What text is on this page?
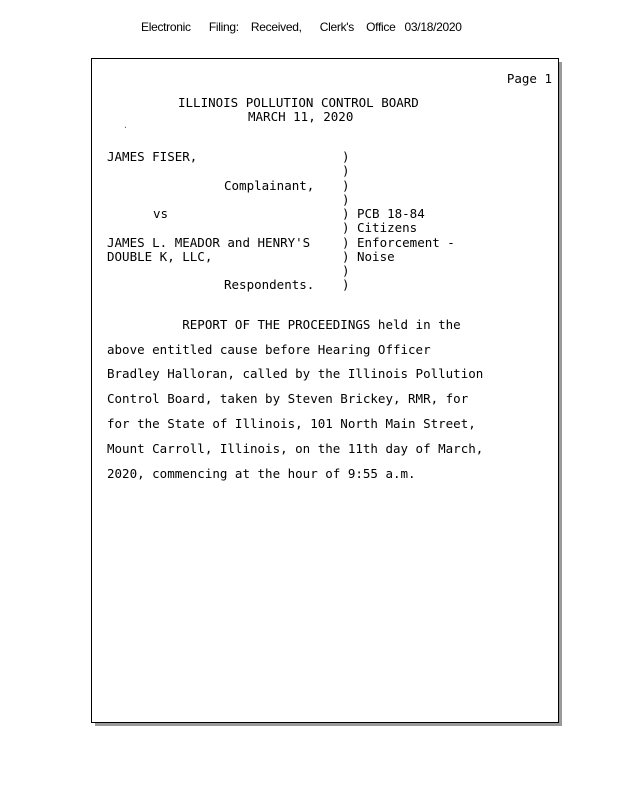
Electronic      Filing:    Received,      Clerk's    Office   03/18/2020
Page 1
ILLINOIS POLLUTION CONTROL BOARD
MARCH 11, 2020
.
JAMES FISER,
Complainant,
vs
JAMES L. MEADOR and HENRY'S
DOUBLE K, LLC,
Respondents.
)
)
)
)
)
)
)
)
)
)
PCB 18-84
Citizens
Enforcement -
Noise
REPORT OF THE PROCEEDINGS held in the
above entitled cause before Hearing Officer
Bradley Halloran, called by the Illinois Pollution
Control Board, taken by Steven Brickey, RMR, for
for the State of Illinois, 101 North Main Street,
Mount Carroll, Illinois, on the 11th day of March,
2020, commencing at the hour of 9:55 a.m.
